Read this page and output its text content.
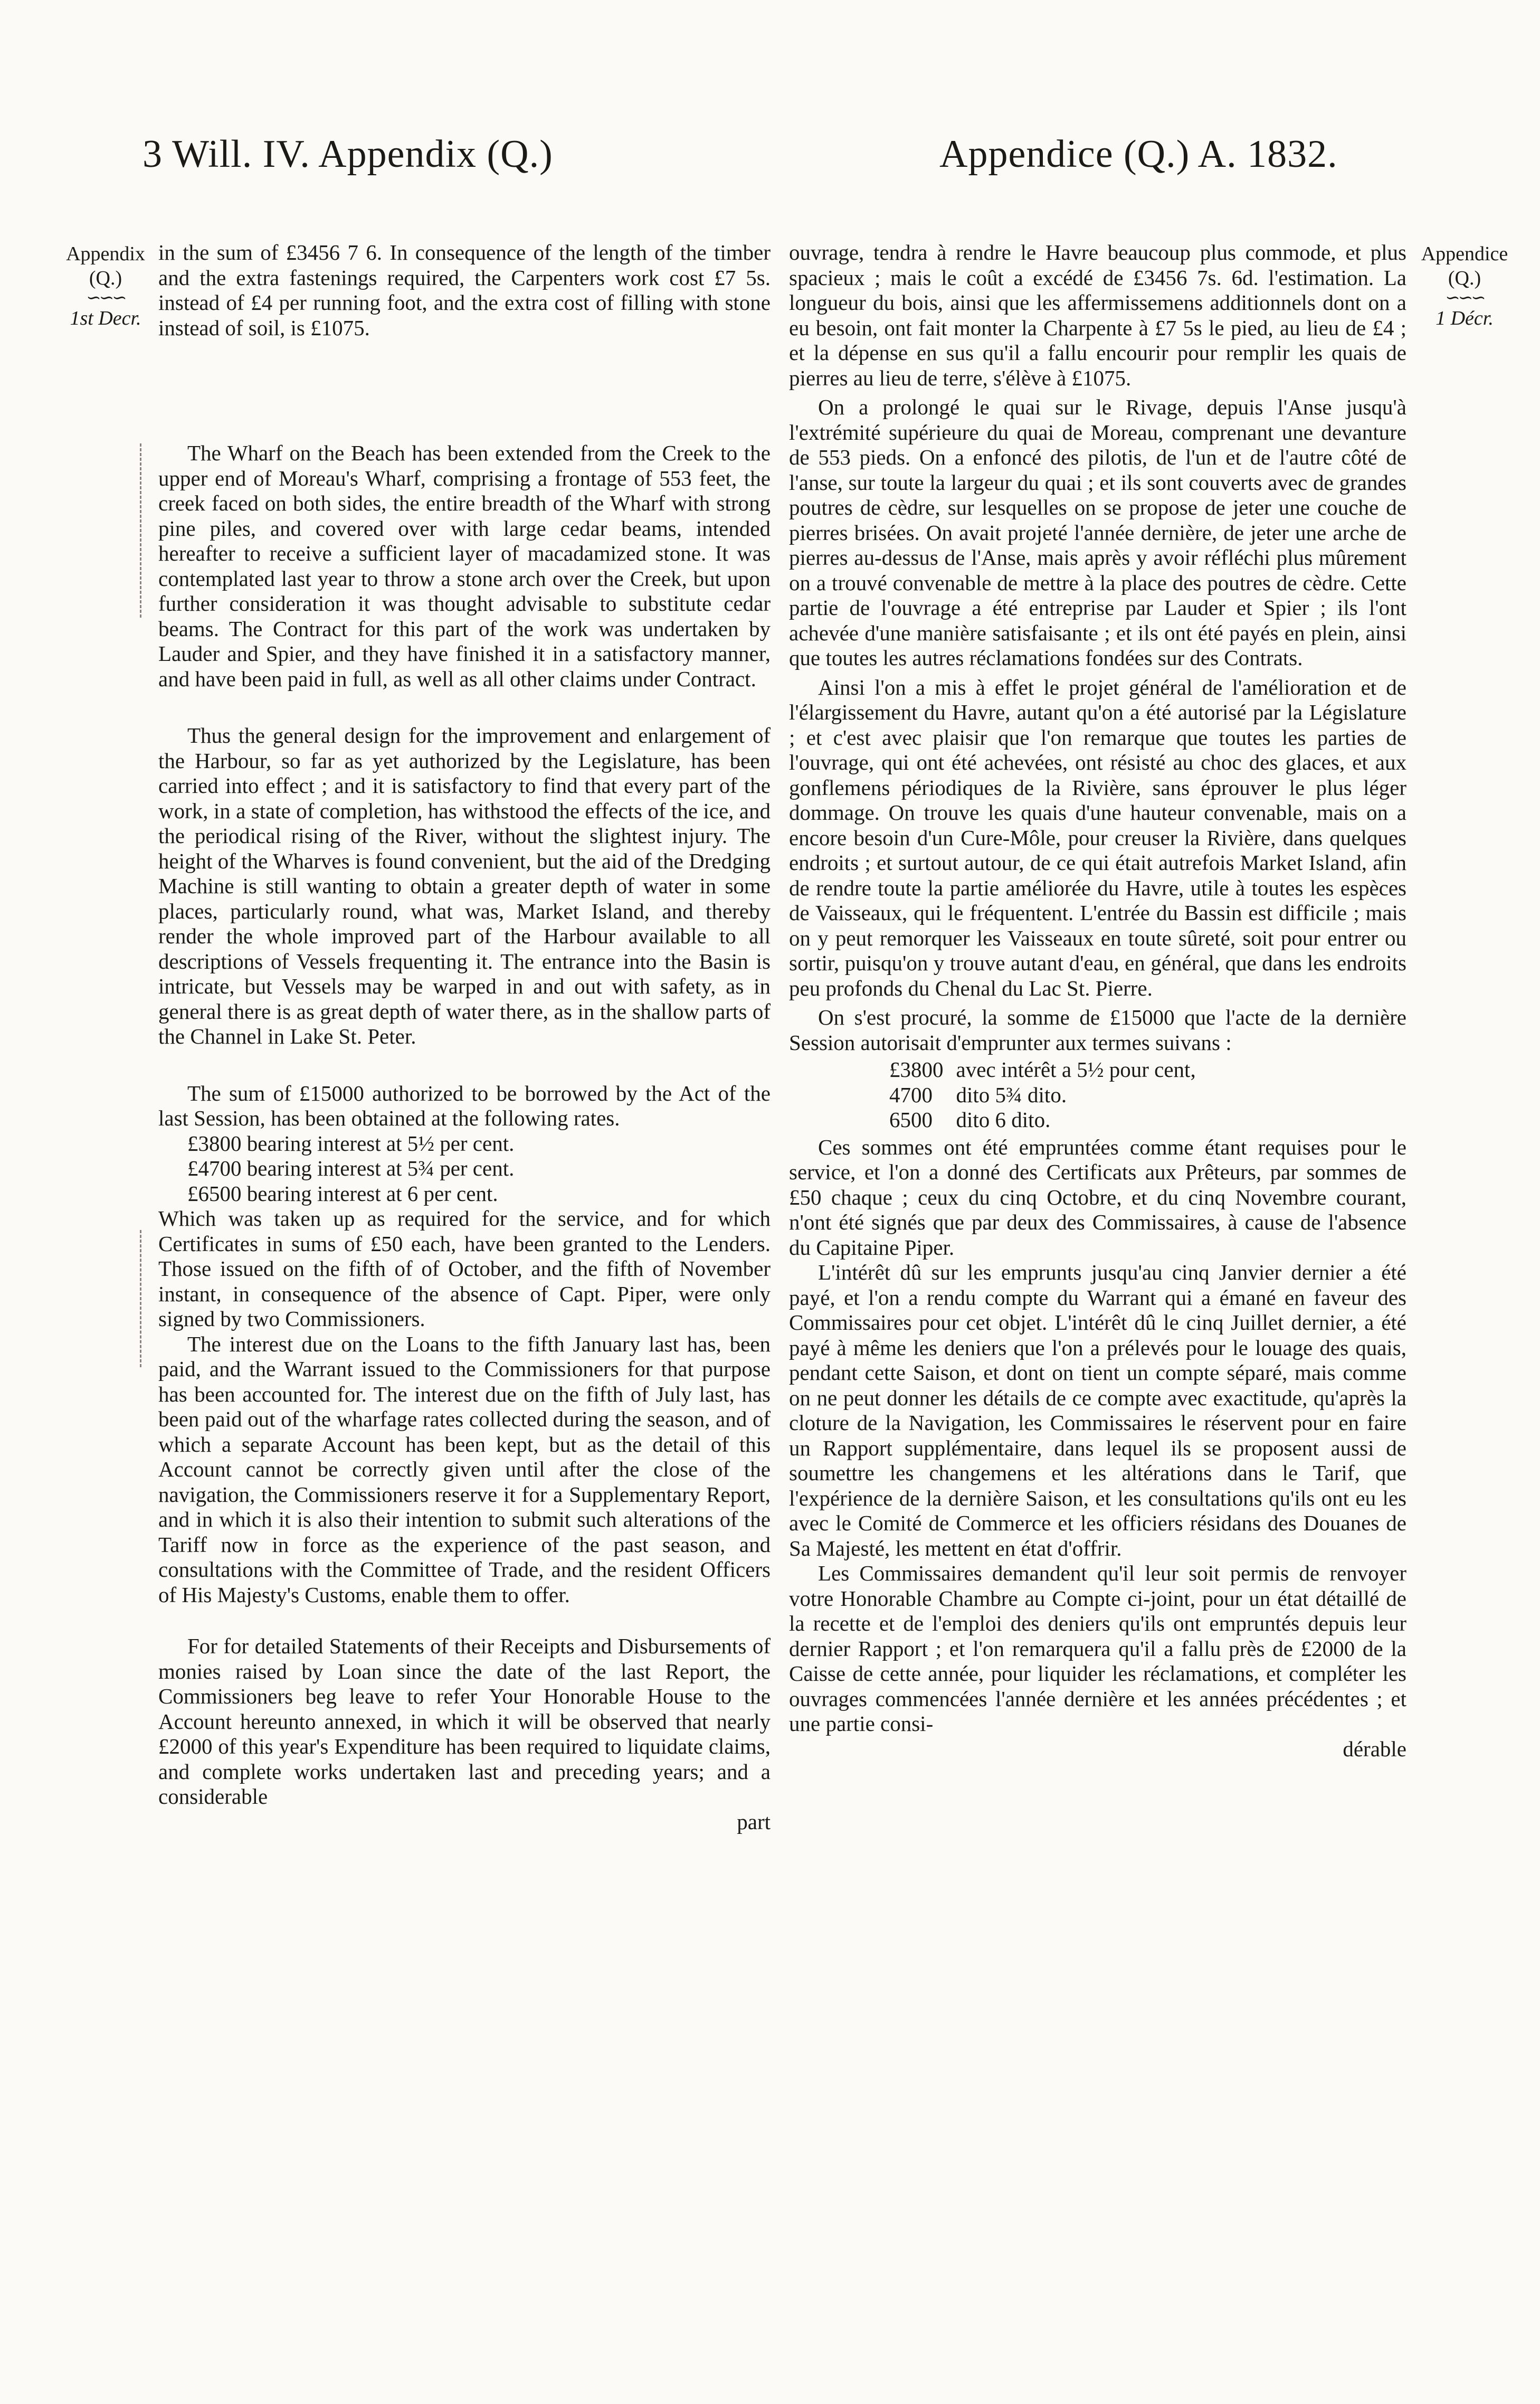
3 Will. IV. Appendix (Q.)	Appendice (Q.) A. 1832.
Appendix
(Q.)
∽∽∽
1st Decr.
Appendice
(Q.)
∽∽∽
1 Décr.

in the sum of £3456 7 6. In consequence of the length of the timber and the extra fastenings required, the Carpenters work cost £7 5s. instead of £4 per running foot, and the extra cost of filling with stone instead of soil, is £1075.

The Wharf on the Beach has been extended from the Creek to the upper end of Moreau's Wharf, comprising a frontage of 553 feet, the creek faced on both sides, the entire breadth of the Wharf with strong pine piles, and covered over with large cedar beams, intended hereafter to receive a sufficient layer of macadamized stone. It was contemplated last year to throw a stone arch over the Creek, but upon further consideration it was thought advisable to substitute cedar beams. The Contract for this part of the work was undertaken by Lauder and Spier, and they have finished it in a satisfactory manner, and have been paid in full, as well as all other claims under Contract.

Thus the general design for the improvement and enlargement of the Harbour, so far as yet authorized by the Legislature, has been carried into effect ; and it is satisfactory to find that every part of the work, in a state of completion, has withstood the effects of the ice, and the periodical rising of the River, without the slightest injury. The height of the Wharves is found convenient, but the aid of the Dredging Machine is still wanting to obtain a greater depth of water in some places, particularly round, what was, Market Island, and thereby render the whole improved part of the Harbour available to all descriptions of Vessels frequenting it. The entrance into the Basin is intricate, but Vessels may be warped in and out with safety, as in general there is as great depth of water there, as in the shallow parts of the Channel in Lake St. Peter.

The sum of £15000 authorized to be borrowed by the Act of the last Session, has been obtained at the following rates.

£3800 bearing interest at 5½ per cent.
£4700 bearing interest at 5¾ per cent.
£6500 bearing interest at 6 per cent.

Which was taken up as required for the service, and for which Certificates in sums of £50 each, have been granted to the Lenders. Those issued on the fifth of of October, and the fifth of November instant, in consequence of the absence of Capt. Piper, were only signed by two Commissioners.

The interest due on the Loans to the fifth January last has, been paid, and the Warrant issued to the Commissioners for that purpose has been accounted for. The interest due on the fifth of July last, has been paid out of the wharfage rates collected during the season, and of which a separate Account has been kept, but as the detail of this Account cannot be correctly given until after the close of the navigation, the Commissioners reserve it for a Supplementary Report, and in which it is also their intention to submit such alterations of the Tariff now in force as the experience of the past season, and consultations with the Committee of Trade, and the resident Officers of His Majesty's Customs, enable them to offer.

For for detailed Statements of their Receipts and Disbursements of monies raised by Loan since the date of the last Report, the Commissioners beg leave to refer Your Honorable House to the Account hereunto annexed, in which it will be observed that nearly £2000 of this year's Expenditure has been required to liquidate claims, and complete works undertaken last and preceding years; and a considerable

part

ouvrage, tendra à rendre le Havre beaucoup plus commode, et plus spacieux ; mais le coût a excédé de £3456 7s. 6d. l'estimation. La longueur du bois, ainsi que les affermissemens additionnels dont on a eu besoin, ont fait monter la Charpente à £7 5s le pied, au lieu de £4 ; et la dépense en sus qu'il a fallu encourir pour remplir les quais de pierres au lieu de terre, s'élève à £1075.

On a prolongé le quai sur le Rivage, depuis l'Anse jusqu'à l'extrémité supérieure du quai de Moreau, comprenant une devanture de 553 pieds. On a enfoncé des pilotis, de l'un et de l'autre côté de l'anse, sur toute la largeur du quai ; et ils sont couverts avec de grandes poutres de cèdre, sur lesquelles on se propose de jeter une couche de pierres brisées. On avait projeté l'année dernière, de jeter une arche de pierres au-dessus de l'Anse, mais après y avoir réfléchi plus mûrement on a trouvé convenable de mettre à la place des poutres de cèdre. Cette partie de l'ouvrage a été entreprise par Lauder et Spier ; ils l'ont achevée d'une manière satisfaisante ; et ils ont été payés en plein, ainsi que toutes les autres réclamations fondées sur des Contrats.

Ainsi l'on a mis à effet le projet général de l'amélioration et de l'élargissement du Havre, autant qu'on a été autorisé par la Législature ; et c'est avec plaisir que l'on remarque que toutes les parties de l'ouvrage, qui ont été achevées, ont résisté au choc des glaces, et aux gonflemens périodiques de la Rivière, sans éprouver le plus léger dommage. On trouve les quais d'une hauteur convenable, mais on a encore besoin d'un Cure-Môle, pour creuser la Rivière, dans quelques endroits ; et surtout autour, de ce qui était autrefois Market Island, afin de rendre toute la partie améliorée du Havre, utile à toutes les espèces de Vaisseaux, qui le fréquentent. L'entrée du Bassin est difficile ; mais on y peut remorquer les Vaisseaux en toute sûreté, soit pour entrer ou sortir, puisqu'on y trouve autant d'eau, en général, que dans les endroits peu profonds du Chenal du Lac St. Pierre.

On s'est procuré, la somme de £15000 que l'acte de la dernière Session autorisait d'emprunter aux termes suivans :

£3800	avec intérêt a 5½ pour cent,
4700	dito 5¾ dito.
6500	dito 6 dito.

Ces sommes ont été empruntées comme étant requises pour le service, et l'on a donné des Certificats aux Prêteurs, par sommes de £50 chaque ; ceux du cinq Octobre, et du cinq Novembre courant, n'ont été signés que par deux des Commissaires, à cause de l'absence du Capitaine Piper.

L'intérêt dû sur les emprunts jusqu'au cinq Janvier dernier a été payé, et l'on a rendu compte du Warrant qui a émané en faveur des Commissaires pour cet objet. L'intérêt dû le cinq Juillet dernier, a été payé à même les deniers que l'on a prélevés pour le louage des quais, pendant cette Saison, et dont on tient un compte séparé, mais comme on ne peut donner les détails de ce compte avec exactitude, qu'après la cloture de la Navigation, les Commissaires le réservent pour en faire un Rapport supplémentaire, dans lequel ils se proposent aussi de soumettre les changemens et les altérations dans le Tarif, que l'expérience de la dernière Saison, et les consultations qu'ils ont eu les avec le Comité de Commerce et les officiers résidans des Douanes de Sa Majesté, les mettent en état d'offrir.

Les Commissaires demandent qu'il leur soit permis de renvoyer votre Honorable Chambre au Compte ci-joint, pour un état détaillé de la recette et de l'emploi des deniers qu'ils ont empruntés depuis leur dernier Rapport ; et l'on remarquera qu'il a fallu près de £2000 de la Caisse de cette année, pour liquider les réclamations, et compléter les ouvrages commencées l'année dernière et les années précédentes ; et une partie consi-

dérable
